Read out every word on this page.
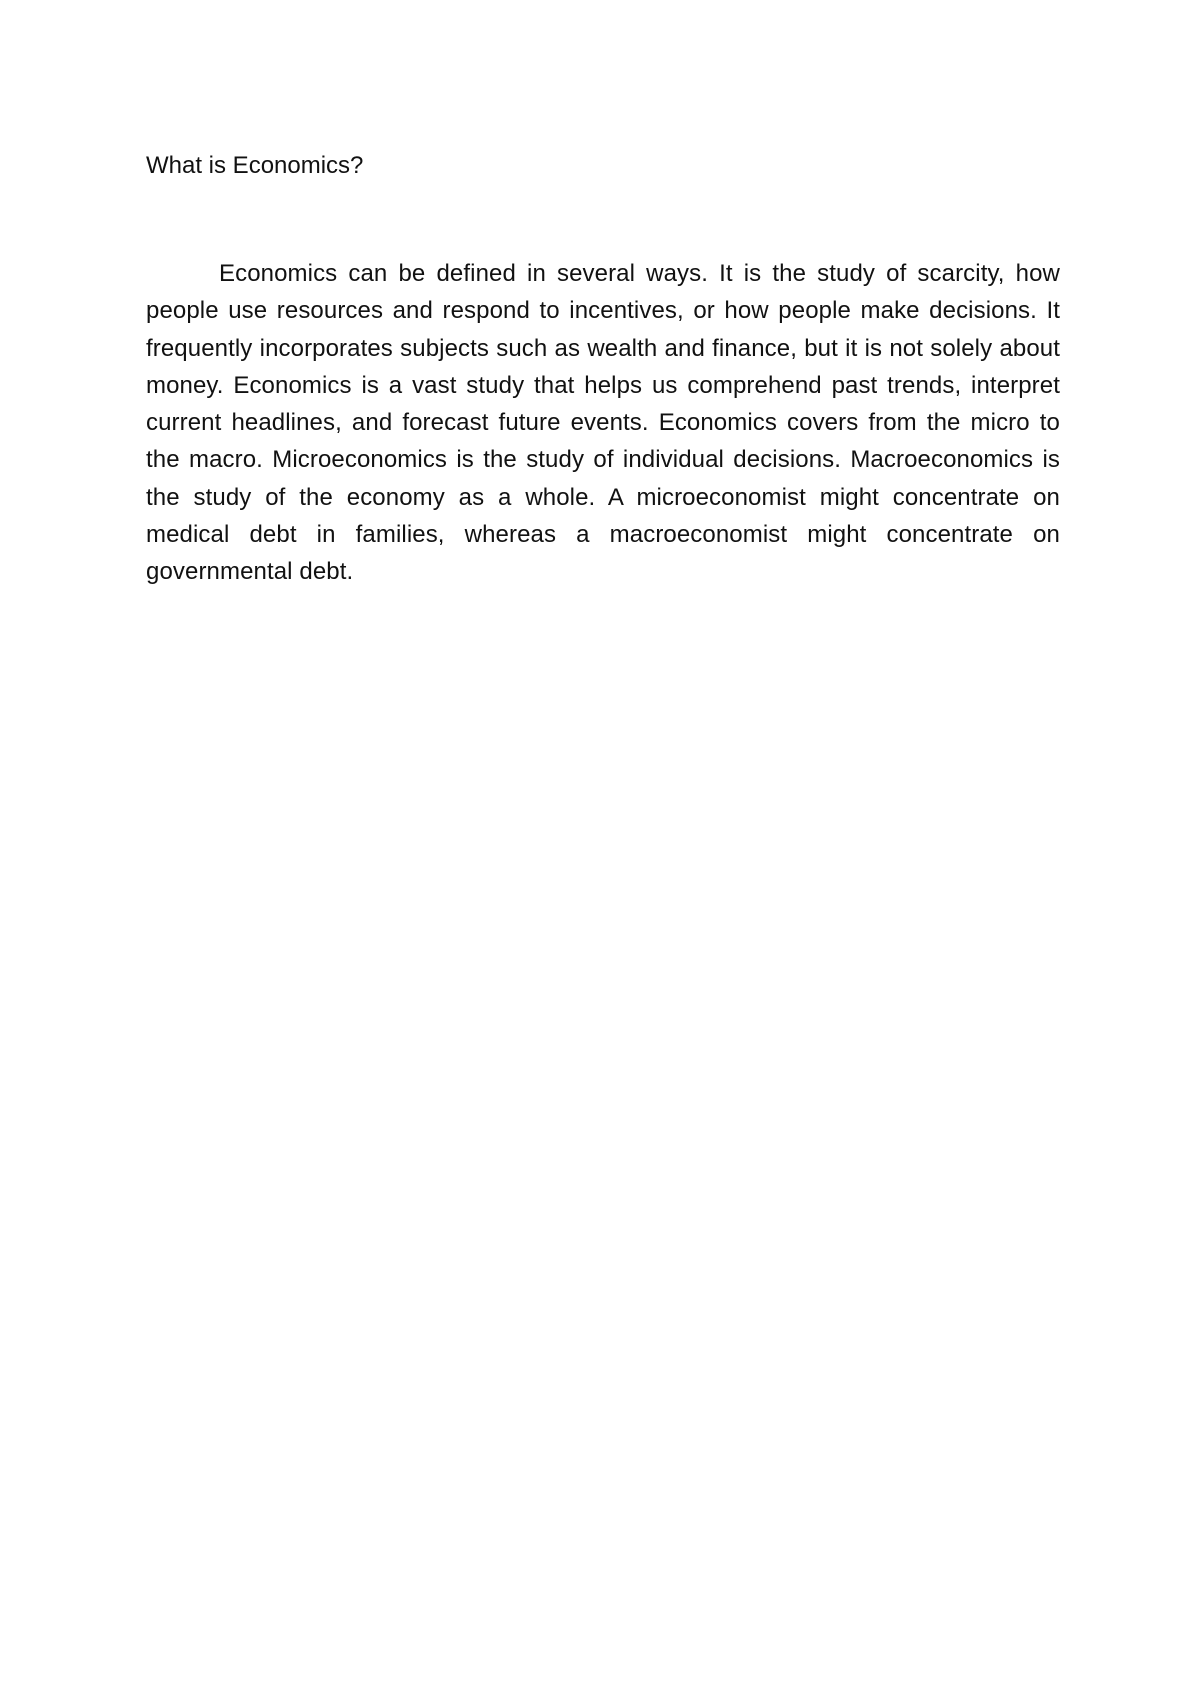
What is Economics?

Economics can be defined in several ways. It is the study of scarcity, how people use resources and respond to incentives, or how people make decisions. It frequently incorporates subjects such as wealth and finance, but it is not solely about money. Economics is a vast study that helps us comprehend past trends, interpret current headlines, and forecast future events. Economics covers from the micro to the macro. Microeconomics is the study of individual decisions. Macroeconomics is the study of the economy as a whole. A microeconomist might concentrate on medical debt in families, whereas a macroeconomist might concentrate on governmental debt.
